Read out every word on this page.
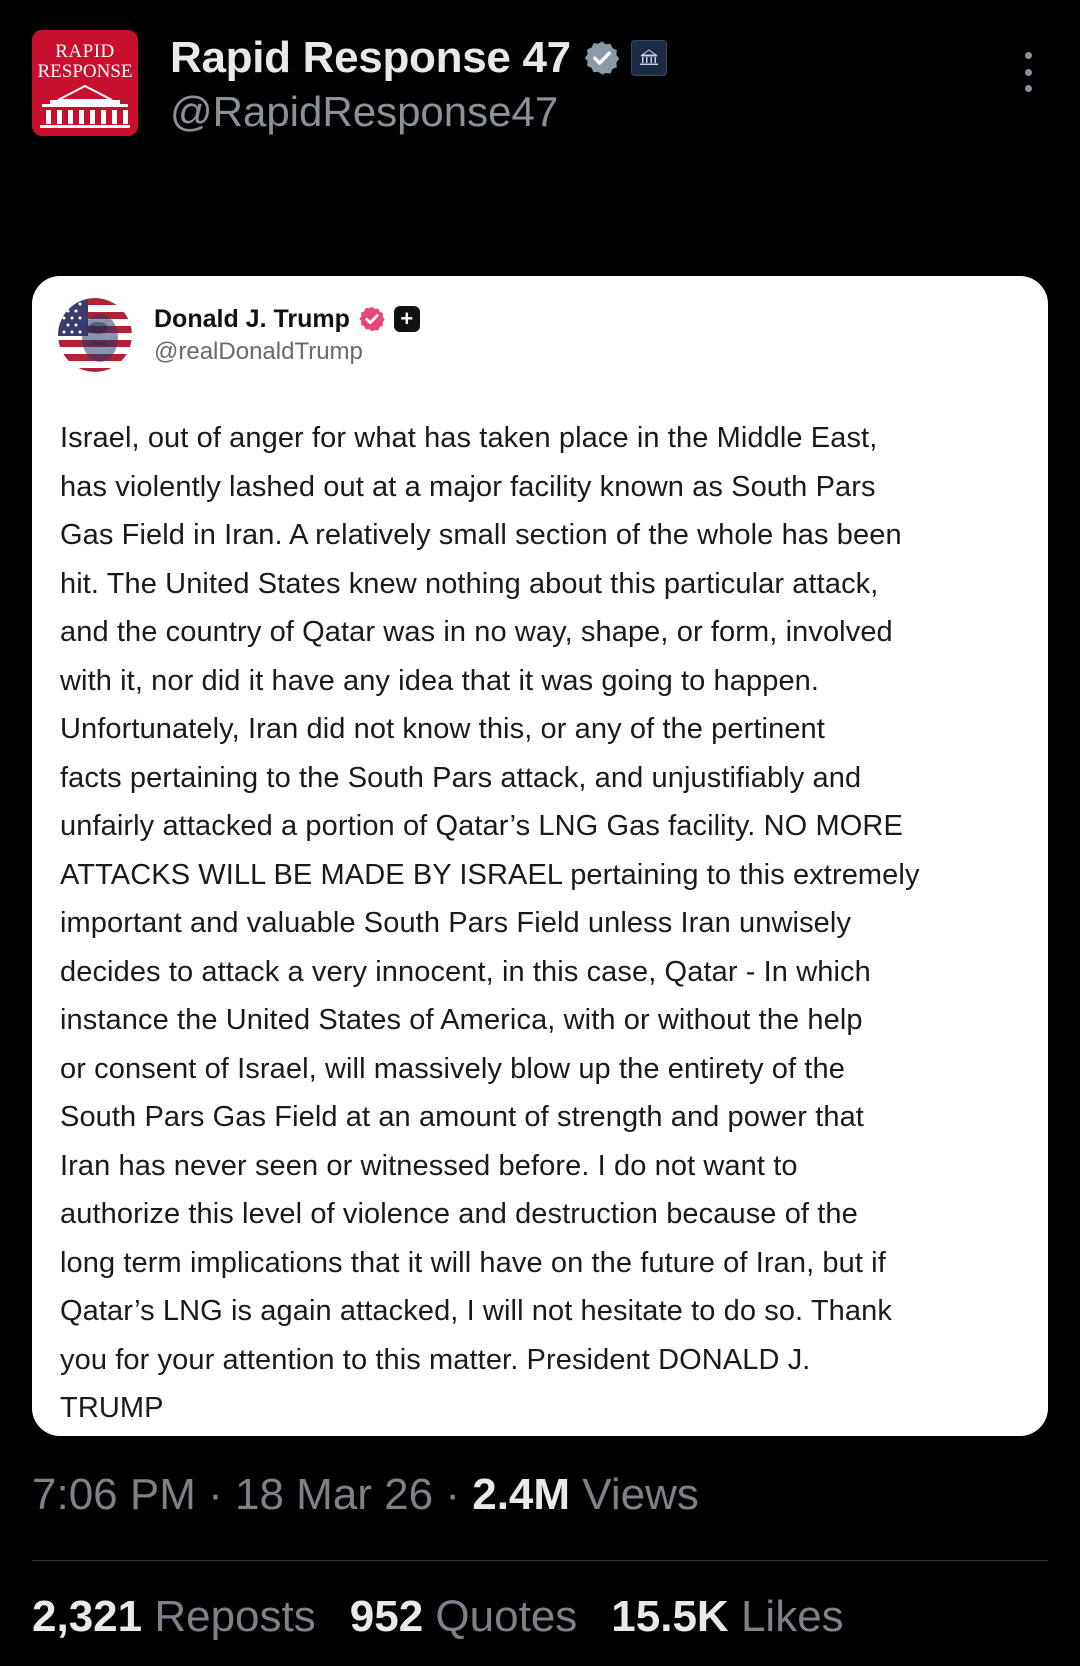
RAPID
RESPONSE Rapid Response 47
@RapidResponse47
Donald J. Trump +
@realDonaldTrump
Israel, out of anger for what has taken place in the Middle East,
has violently lashed out at a major facility known as South Pars
Gas Field in Iran. A relatively small section of the whole has been
hit. The United States knew nothing about this particular attack,
and the country of Qatar was in no way, shape, or form, involved
with it, nor did it have any idea that it was going to happen.
Unfortunately, Iran did not know this, or any of the pertinent
facts pertaining to the South Pars attack, and unjustifiably and
unfairly attacked a portion of Qatar’s LNG Gas facility. NO MORE
ATTACKS WILL BE MADE BY ISRAEL pertaining to this extremely
important and valuable South Pars Field unless Iran unwisely
decides to attack a very innocent, in this case, Qatar - In which
instance the United States of America, with or without the help
or consent of Israel, will massively blow up the entirety of the
South Pars Gas Field at an amount of strength and power that
Iran has never seen or witnessed before. I do not want to
authorize this level of violence and destruction because of the
long term implications that it will have on the future of Iran, but if
Qatar’s LNG is again attacked, I will not hesitate to do so. Thank
you for your attention to this matter. President DONALD J.
TRUMP
7:06 PM · 18 Mar 26 · 2.4M Views
2,321 Reposts 952 Quotes 15.5K Likes
